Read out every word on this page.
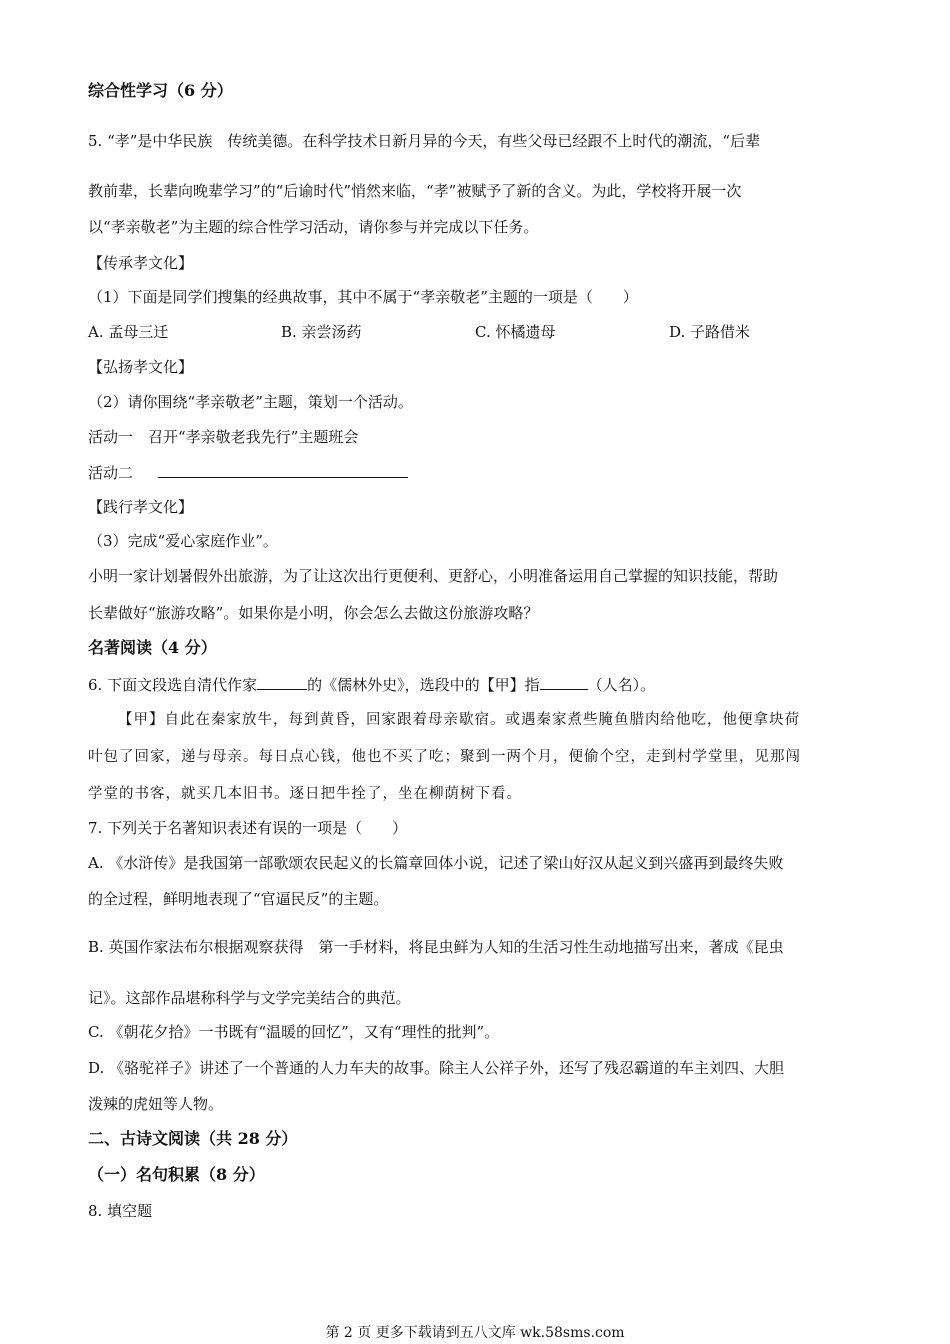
综合性学习（6 分）
5. “孝”是中华民族　传统美德。在科学技术日新月异的今天，有些父母已经跟不上时代的潮流，“后辈
教前辈，长辈向晚辈学习”的“后谕时代”悄然来临，“孝”被赋予了新的含义。为此，学校将开展一次
以“孝亲敬老”为主题的综合性学习活动，请你参与并完成以下任务。
【传承孝文化】
（1）下面是同学们搜集的经典故事，其中不属于“孝亲敬老”主题的一项是（　　）
A. 孟母三迁	B. 亲尝汤药	C. 怀橘遗母	D. 子路借米
【弘扬孝文化】
（2）请你围绕“孝亲敬老”主题，策划一个活动。
活动一　召开“孝亲敬老我先行”主题班会
活动二
【践行孝文化】
（3）完成“爱心家庭作业”。
小明一家计划暑假外出旅游，为了让这次出行更便利、更舒心，小明准备运用自己掌握的知识技能，帮助
长辈做好“旅游攻略”。如果你是小明，你会怎么去做这份旅游攻略？
名著阅读（4 分）
6. 下面文段选自清代作家	的《儒林外史》，选段中的【甲】指	（人名）。
【甲】自此在秦家放牛，每到黄昏，回家跟着母亲歇宿。或遇秦家煮些腌鱼腊肉给他吃，他便拿块荷
叶包了回家，递与母亲。每日点心钱，他也不买了吃；聚到一两个月，便偷个空，走到村学堂里，见那闯
学堂的书客，就买几本旧书。逐日把牛拴了，坐在柳荫树下看。
7. 下列关于名著知识表述有误的一项是（　　）
A. 《水浒传》是我国第一部歌颂农民起义的长篇章回体小说，记述了梁山好汉从起义到兴盛再到最终失败
的全过程，鲜明地表现了“官逼民反”的主题。
B. 英国作家法布尔根据观察获得　第一手材料，将昆虫鲜为人知的生活习性生动地描写出来，著成《昆虫
记》。这部作品堪称科学与文学完美结合的典范。
C. 《朝花夕拾》一书既有“温暖的回忆”，又有“理性的批判”。
D. 《骆驼祥子》讲述了一个普通的人力车夫的故事。除主人公祥子外，还写了残忍霸道的车主刘四、大胆
泼辣的虎妞等人物。
二、古诗文阅读（共 28 分）
（一）名句积累（8 分）
8. 填空题
第 2 页 更多下载请到五八文库 wk.58sms.com
